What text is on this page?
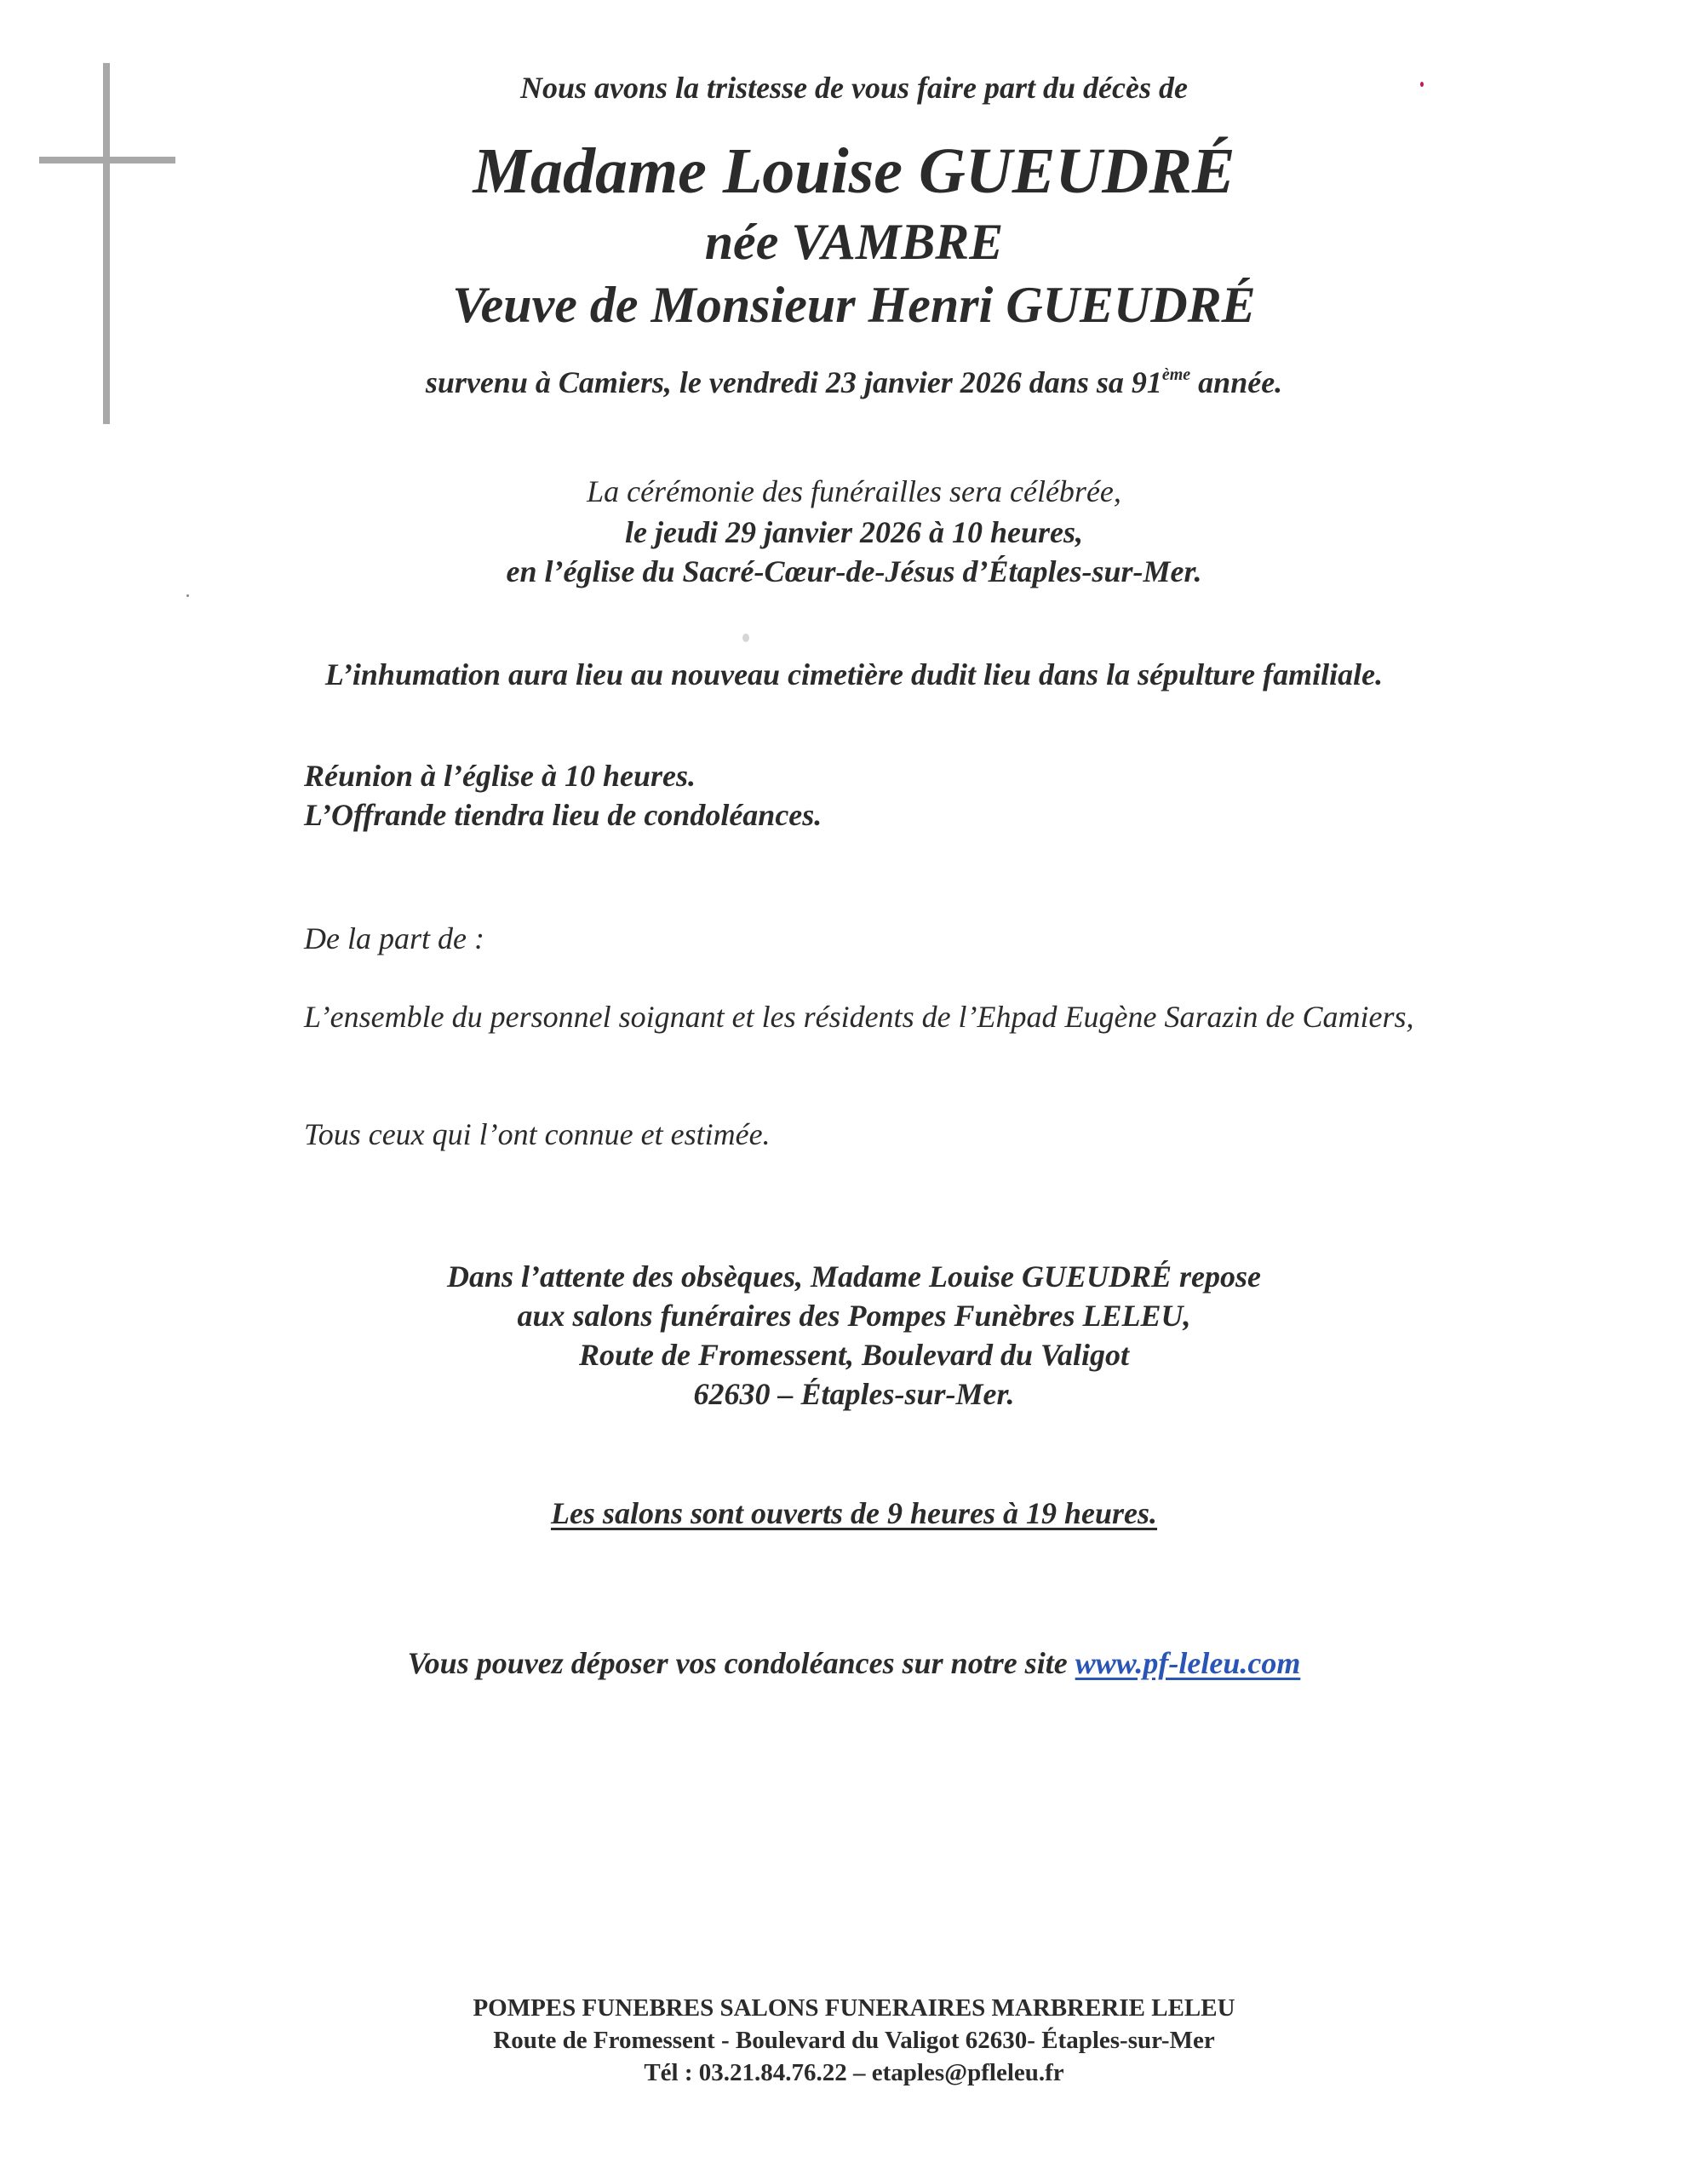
Nous avons la tristesse de vous faire part du décès de
Madame Louise GUEUDRÉ
née VAMBRE
Veuve de Monsieur Henri GUEUDRÉ
survenu à Camiers, le vendredi 23 janvier 2026 dans sa 91ème année.
La cérémonie des funérailles sera célébrée,
le jeudi 29 janvier 2026 à 10 heures,
en l’église du Sacré-Cœur-de-Jésus d’Étaples-sur-Mer.
L’inhumation aura lieu au nouveau cimetière dudit lieu dans la sépulture familiale.
Réunion à l’église à 10 heures.
L’Offrande tiendra lieu de condoléances.
De la part de :
L’ensemble du personnel soignant et les résidents de l’Ehpad Eugène Sarazin de Camiers,
Tous ceux qui l’ont connue et estimée.
Dans l’attente des obsèques, Madame Louise GUEUDRÉ repose
aux salons funéraires des Pompes Funèbres LELEU,
Route de Fromessent, Boulevard du Valigot
62630 – Étaples-sur-Mer.
Les salons sont ouverts de 9 heures à 19 heures.
Vous pouvez déposer vos condoléances sur notre site www.pf-leleu.com
POMPES FUNEBRES SALONS FUNERAIRES MARBRERIE LELEU
Route de Fromessent - Boulevard du Valigot 62630- Étaples-sur-Mer
Tél : 03.21.84.76.22 – etaples@pfleleu.fr
